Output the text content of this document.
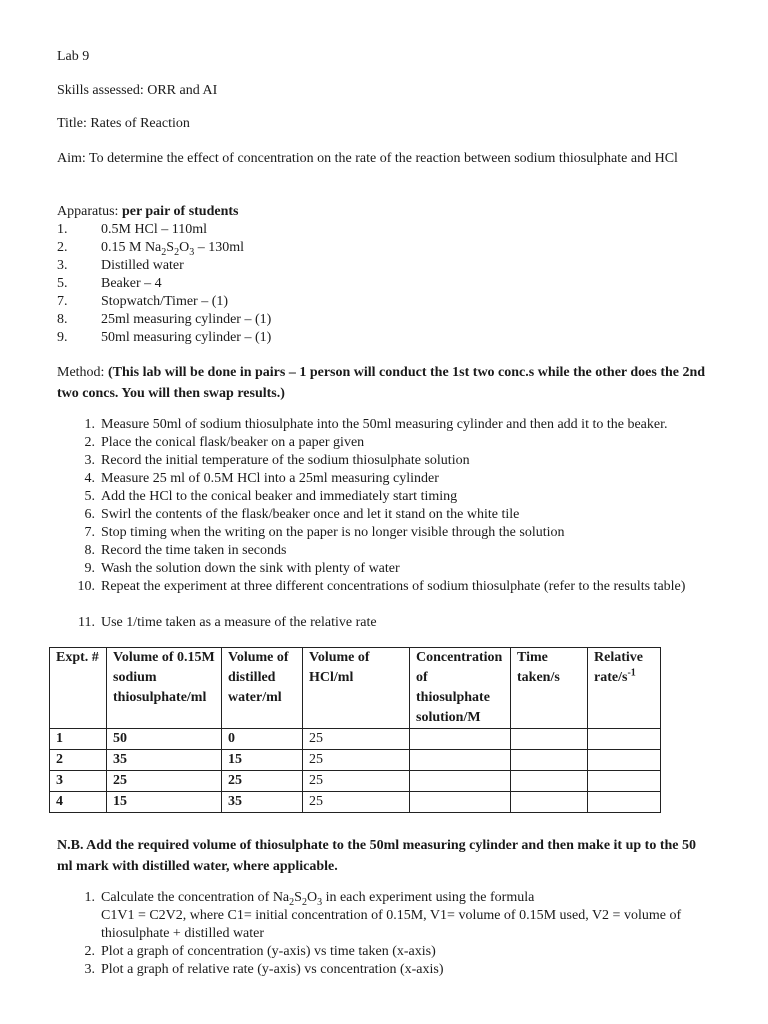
Lab 9
Skills assessed: ORR and AI
Title: Rates of Reaction
Aim: To determine the effect of concentration on the rate of the reaction between sodium thiosulphate and HCl
Apparatus: per pair of students
1. 0.5M HCl – 110ml
2. 0.15 M $Na_2S_2O_3 - 130ml$
3. Distilled water
5. Beaker – 4
7. Stopwatch/Timer – (1)
8. 25ml measuring cylinder – (1)
9. 50ml measuring cylinder – (1)
Method: (This lab will be done in pairs – 1 person will conduct the 1st two conc.s while the other does the 2nd two concs. You will then swap results.)
1. Measure 50ml of sodium thiosulphate into the 50ml measuring cylinder and then add it to the beaker.
2. Place the conical flask/beaker on a paper given
3. Record the initial temperature of the sodium thiosulphate solution
4. Measure 25 ml of 0.5M HCl into a 25ml measuring cylinder
5. Add the HCl to the conical beaker and immediately start timing
6. Swirl the contents of the flask/beaker once and let it stand on the white tile
7. Stop timing when the writing on the paper is no longer visible through the solution
8. Record the time taken in seconds
9. Wash the solution down the sink with plenty of water
10. Repeat the experiment at three different concentrations of sodium thiosulphate (refer to the results table)
11. Use 1/time taken as a measure of the relative rate
Expt. #	Volume of 0.15M sodium thiosulphate/ml	Volume of distilled water/ml	Volume of HCl/ml	Concentration of thiosulphate solution/M	Time taken/s	Relative rate/$s^{-1}$
1	50	0	25			
2	35	15	25			
3	25	25	25			
4	15	35	25			
N.B. Add the required volume of thiosulphate to the 50ml measuring cylinder and then make it up to the 50 ml mark with distilled water, where applicable.
1. Calculate the concentration of $Na_2S_2O_3$ in each experiment using the formula
C1V1 = C2V2, where C1= initial concentration of 0.15M, V1= volume of 0.15M used, V2 = volume of thiosulphate + distilled water
2. Plot a graph of concentration (y-axis) vs time taken (x-axis)
3. Plot a graph of relative rate (y-axis) vs concentration (x-axis)
